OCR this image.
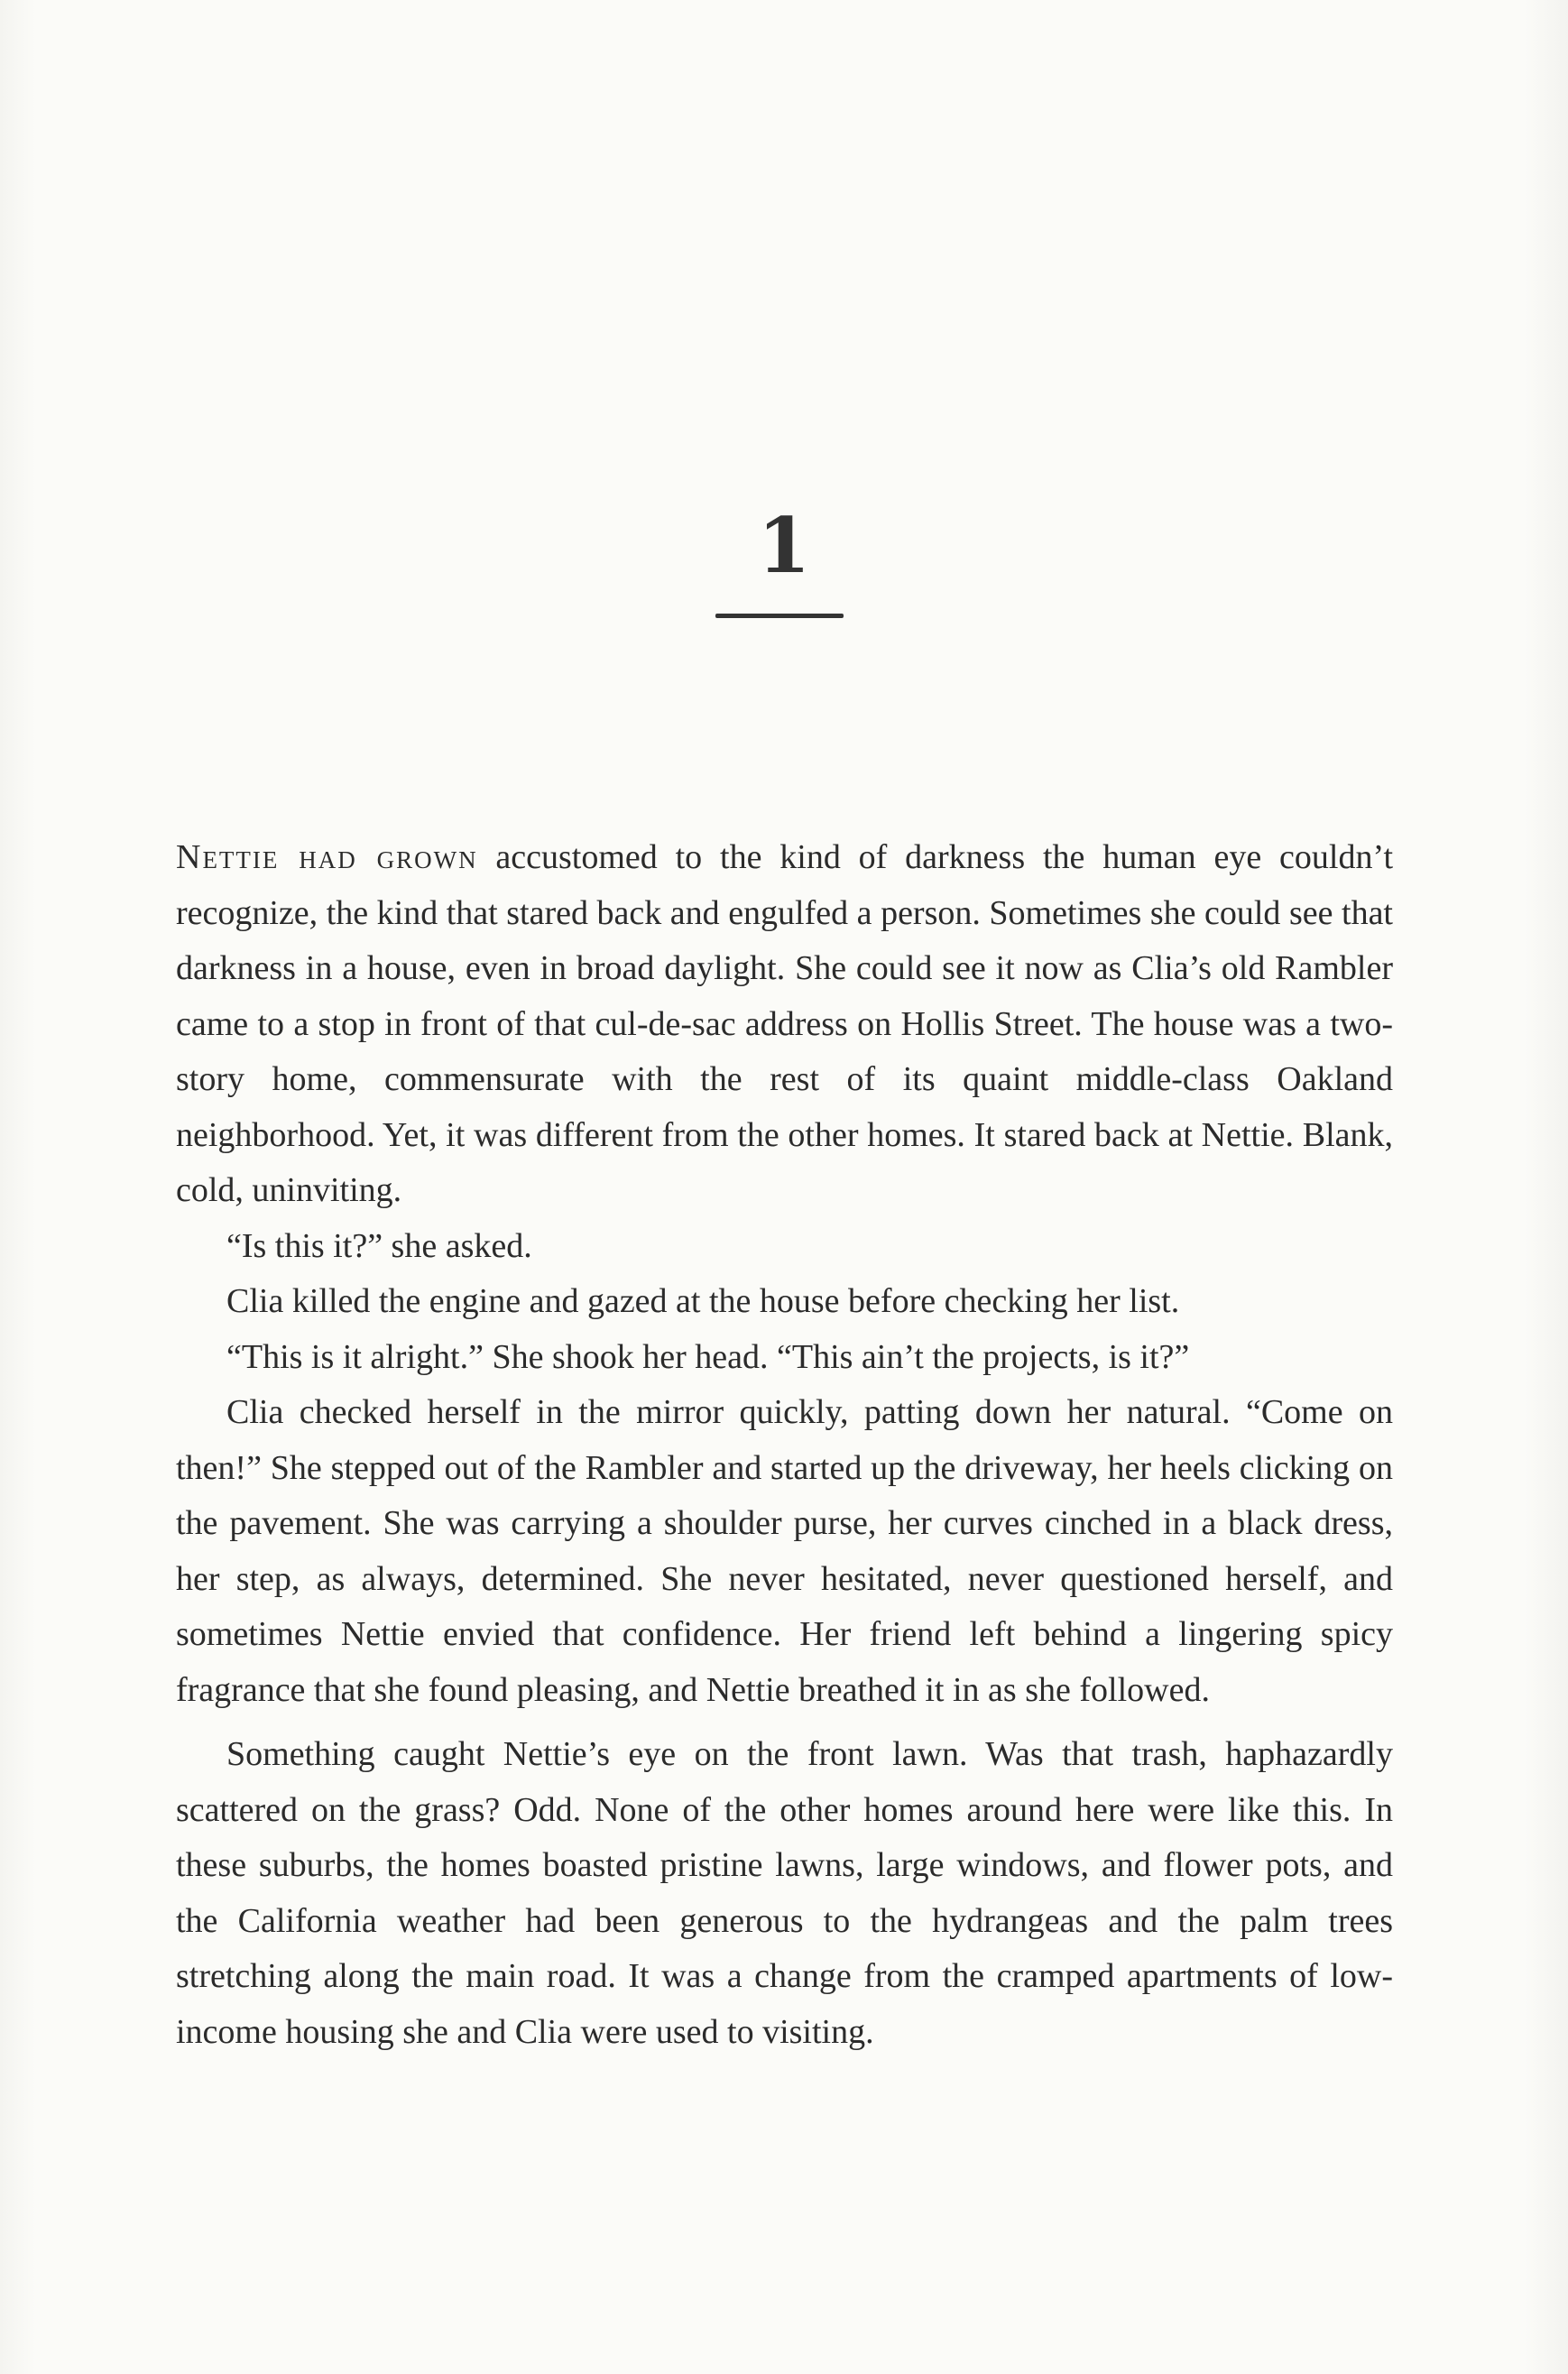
1

Nettie had grown accustomed to the kind of darkness the human eye couldn’t recognize, the kind that stared back and engulfed a person. Sometimes she could see that darkness in a house, even in broad daylight. She could see it now as Clia’s old Rambler came to a stop in front of that cul-de-sac address on Hollis Street. The house was a two-story home, commensurate with the rest of its quaint middle-class Oakland neighborhood. Yet, it was different from the other homes. It stared back at Nettie. Blank, cold, uninviting.

“Is this it?” she asked.

Clia killed the engine and gazed at the house before checking her list.

“This is it alright.” She shook her head. “This ain’t the projects, is it?”

Clia checked herself in the mirror quickly, patting down her natural. “Come on then!” She stepped out of the Rambler and started up the driveway, her heels clicking on the pavement. She was carrying a shoulder purse, her curves cinched in a black dress, her step, as always, determined. She never hesitated, never questioned herself, and sometimes Nettie envied that confidence. Her friend left behind a lingering spicy fragrance that she found pleasing, and Nettie breathed it in as she followed.

Something caught Nettie’s eye on the front lawn. Was that trash, haphazardly scattered on the grass? Odd. None of the other homes around here were like this. In these suburbs, the homes boasted pristine lawns, large windows, and flower pots, and the California weather had been generous to the hydrangeas and the palm trees stretching along the main road. It was a change from the cramped apartments of low-income housing she and Clia were used to visiting.
